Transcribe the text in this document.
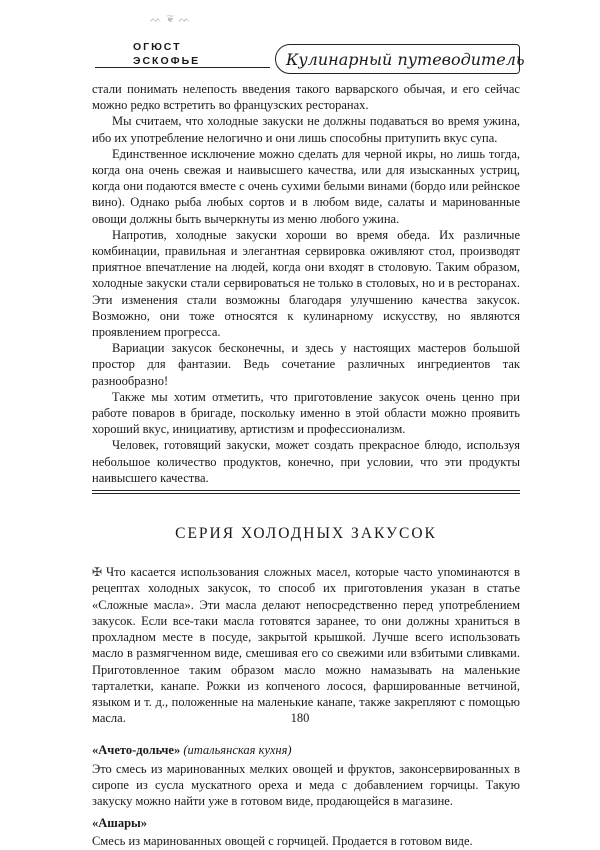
ᨓ ❦ ᨓ
ОГЮСТ
ЭСКОФЬЕ	Кулинарный путеводитель

стали понимать нелепость введения такого варварского обычая, и его сейчас можно редко встретить во французских ресторанах.

Мы считаем, что холодные закуски не должны подаваться во время ужина, ибо их употребление нелогично и они лишь способны притупить вкус супа.

Единственное исключение можно сделать для черной икры, но лишь тогда, когда она очень свежая и наивысшего качества, или для изысканных устриц, когда они подаются вместе с очень сухими белыми винами (бордо или рейнское вино). Однако рыба любых сортов и в любом виде, салаты и маринованные овощи должны быть вычеркнуты из меню любого ужина.

Напротив, холодные закуски хороши во время обеда. Их различные комбинации, правильная и элегантная сервировка оживляют стол, производят приятное впечатление на людей, когда они входят в столовую. Таким образом, холодные закуски стали сервироваться не только в столовых, но и в ресторанах. Эти изменения стали возможны благодаря улучшению качества закусок. Возможно, они тоже относятся к кулинарному искусству, но являются проявлением прогресса.

Вариации закусок бесконечны, и здесь у настоящих мастеров большой простор для фантазии. Ведь сочетание различных ингредиентов так разнообразно!

Также мы хотим отметить, что приготовление закусок очень ценно при работе поваров в бригаде, поскольку именно в этой области можно проявить хороший вкус, инициативу, артистизм и профессионализм.

Человек, готовящий закуски, может создать прекрасное блюдо, используя небольшое количество продуктов, конечно, при условии, что эти продукты наивысшего качества.

СЕРИЯ ХОЛОДНЫХ ЗАКУСОК

✠ Что касается использования сложных масел, которые часто упоминаются в рецептах холодных закусок, то способ их приготовления указан в статье «Сложные масла». Эти масла делают непосредственно перед употреблением закусок. Если все-таки масла готовятся заранее, то они должны храниться в прохладном месте в посуде, закрытой крышкой. Лучше всего использовать масло в размягченном виде, смешивая его со свежими или взбитыми сливками. Приготовленное таким образом масло можно намазывать на маленькие тарталетки, канапе. Рожки из копченого лосося, фаршированные ветчиной, языком и т. д., положенные на маленькие канапе, также закрепляют с помощью масла.

«Ачето-дольче» (итальянская кухня)

Это смесь из маринованных мелких овощей и фруктов, законсервированных в сиропе из сусла мускатного ореха и меда с добавлением горчицы. Такую закуску можно найти уже в готовом виде, продающейся в магазине.

«Ашары»

Смесь из маринованных овощей с горчицей. Продается в готовом виде.

180
